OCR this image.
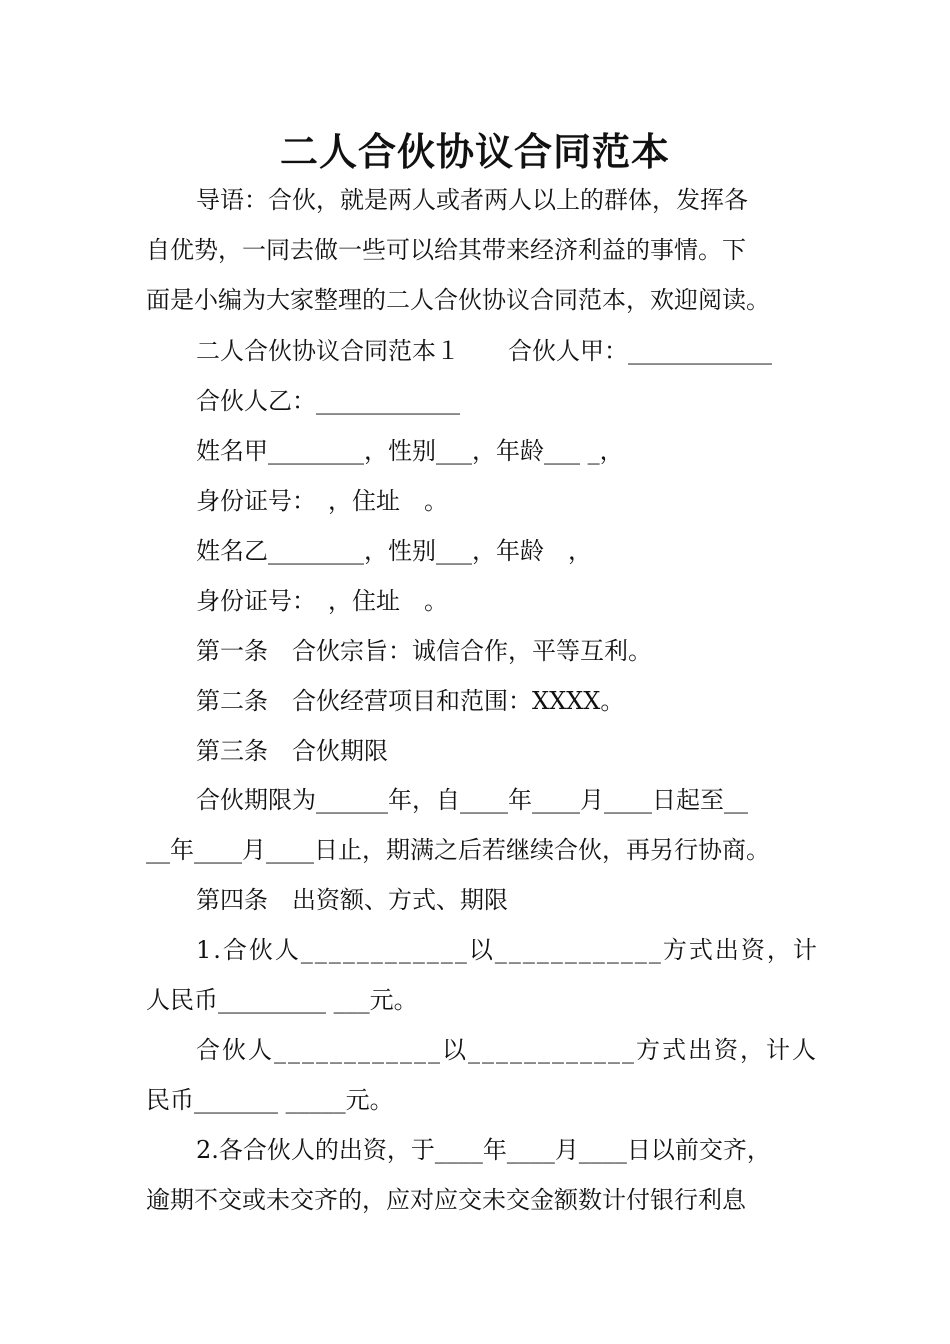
二人合伙协议合同范本
导语：合伙，就是两人或者两人以上的群体，发挥各
自优势，一同去做一些可以给其带来经济利益的事情。下
面是小编为大家整理的二人合伙协议合同范本，欢迎阅读。
二人合伙协议合同范本１　　合伙人甲：____________
合伙人乙：____________
姓名甲________，性别___，年龄___ _，
身份证号：　，住址　。
姓名乙________，性别___，年龄　，
身份证号：　，住址　。
第一条　合伙宗旨：诚信合作，平等互利。
第二条　合伙经营项目和范围：XXXX。
第三条　合伙期限
合伙期限为______年，自____年____月____日起至__
__年____月____日止，期满之后若继续合伙，再另行协商。
第四条　出资额、方式、期限
1.合伙人____________以____________方式出资，计
人民币_________ ___元。
合伙人____________以____________方式出资，计人
民币_______ _____元。
2.各合伙人的出资，于____年____月____日以前交齐，
逾期不交或未交齐的，应对应交未交金额数计付银行利息
